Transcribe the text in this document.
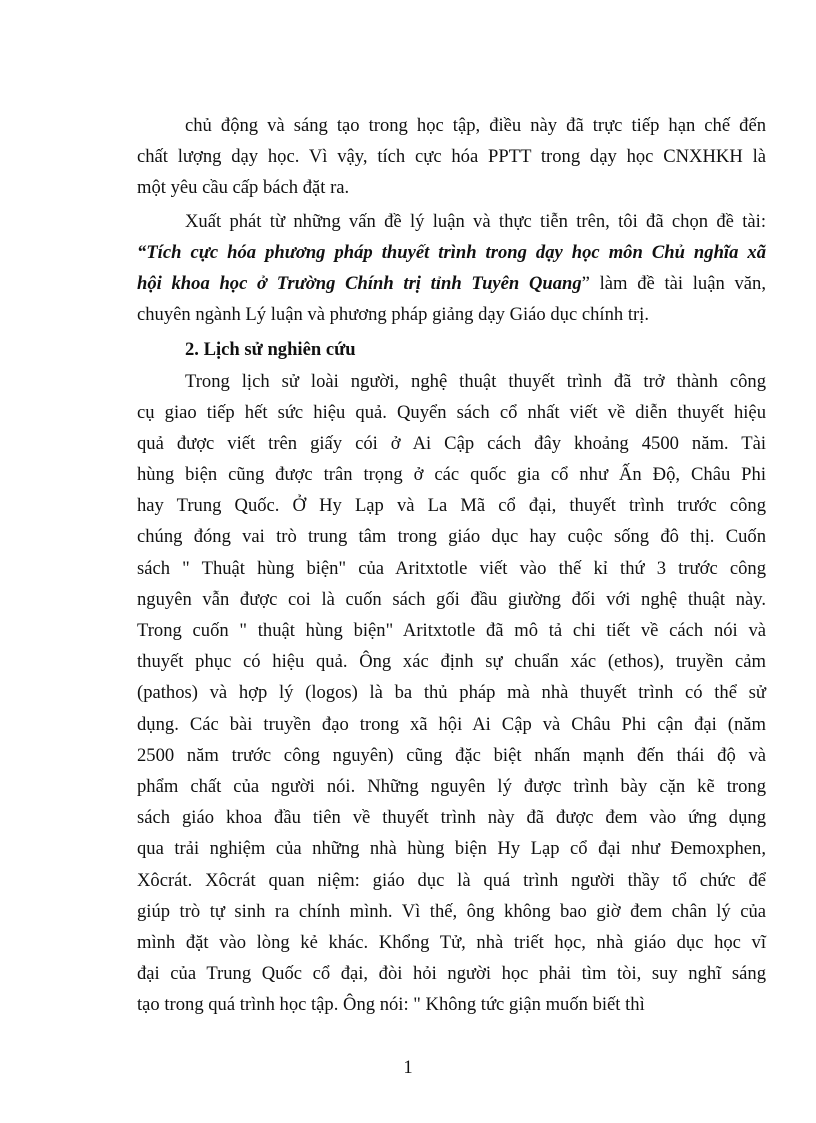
chủ động và sáng tạo trong học tập, điều này đã trực tiếp hạn chế đến
chất lượng dạy học. Vì vậy, tích cực hóa PPTT trong dạy học CNXHKH là
một yêu cầu cấp bách đặt ra.
Xuất phát từ những vấn đề lý luận và thực tiễn trên, tôi đã chọn đề tài:
“Tích cực hóa phương pháp thuyết trình trong dạy học môn Chủ nghĩa xã
hội khoa học ở Trường Chính trị tỉnh Tuyên Quang” làm đề tài luận văn,
chuyên ngành Lý luận và phương pháp giảng dạy Giáo dục chính trị.
2. Lịch sử nghiên cứu
Trong lịch sử loài người, nghệ thuật thuyết trình đã trở thành công
cụ giao tiếp hết sức hiệu quả. Quyển sách cổ nhất viết về diễn thuyết hiệu
quả được viết trên giấy cói ở Ai Cập cách đây khoảng 4500 năm. Tài
hùng biện cũng được trân trọng ở các quốc gia cổ như Ấn Độ, Châu Phi
hay Trung Quốc. Ở Hy Lạp và La Mã cổ đại, thuyết trình trước công
chúng đóng vai trò trung tâm trong giáo dục hay cuộc sống đô thị. Cuốn
sách " Thuật hùng biện" của Aritxtotle viết vào thế kỉ thứ 3 trước công
nguyên vẫn được coi là cuốn sách gối đầu giường đối với nghệ thuật này.
Trong cuốn " thuật hùng biện" Aritxtotle đã mô tả chi tiết về cách nói và
thuyết phục có hiệu quả. Ông xác định sự chuẩn xác (ethos), truyền cảm
(pathos) và hợp lý (logos) là ba thủ pháp mà nhà thuyết trình có thể sử
dụng. Các bài truyền đạo trong xã hội Ai Cập và Châu Phi cận đại (năm
2500 năm trước công nguyên) cũng đặc biệt nhấn mạnh đến thái độ và
phẩm chất của người nói. Những nguyên lý được trình bày cặn kẽ trong
sách giáo khoa đầu tiên về thuyết trình này đã được đem vào ứng dụng
qua trải nghiệm của những nhà hùng biện Hy Lạp cổ đại như Đemoxphen,
Xôcrát. Xôcrát quan niệm: giáo dục là quá trình người thầy tổ chức để
giúp trò tự sinh ra chính mình. Vì thế, ông không bao giờ đem chân lý của
mình đặt vào lòng kẻ khác. Khổng Tử, nhà triết học, nhà giáo dục học vĩ
đại của Trung Quốc cổ đại, đòi hỏi người học phải tìm tòi, suy nghĩ sáng
tạo trong quá trình học tập. Ông nói: " Không tức giận muốn biết thì
1
